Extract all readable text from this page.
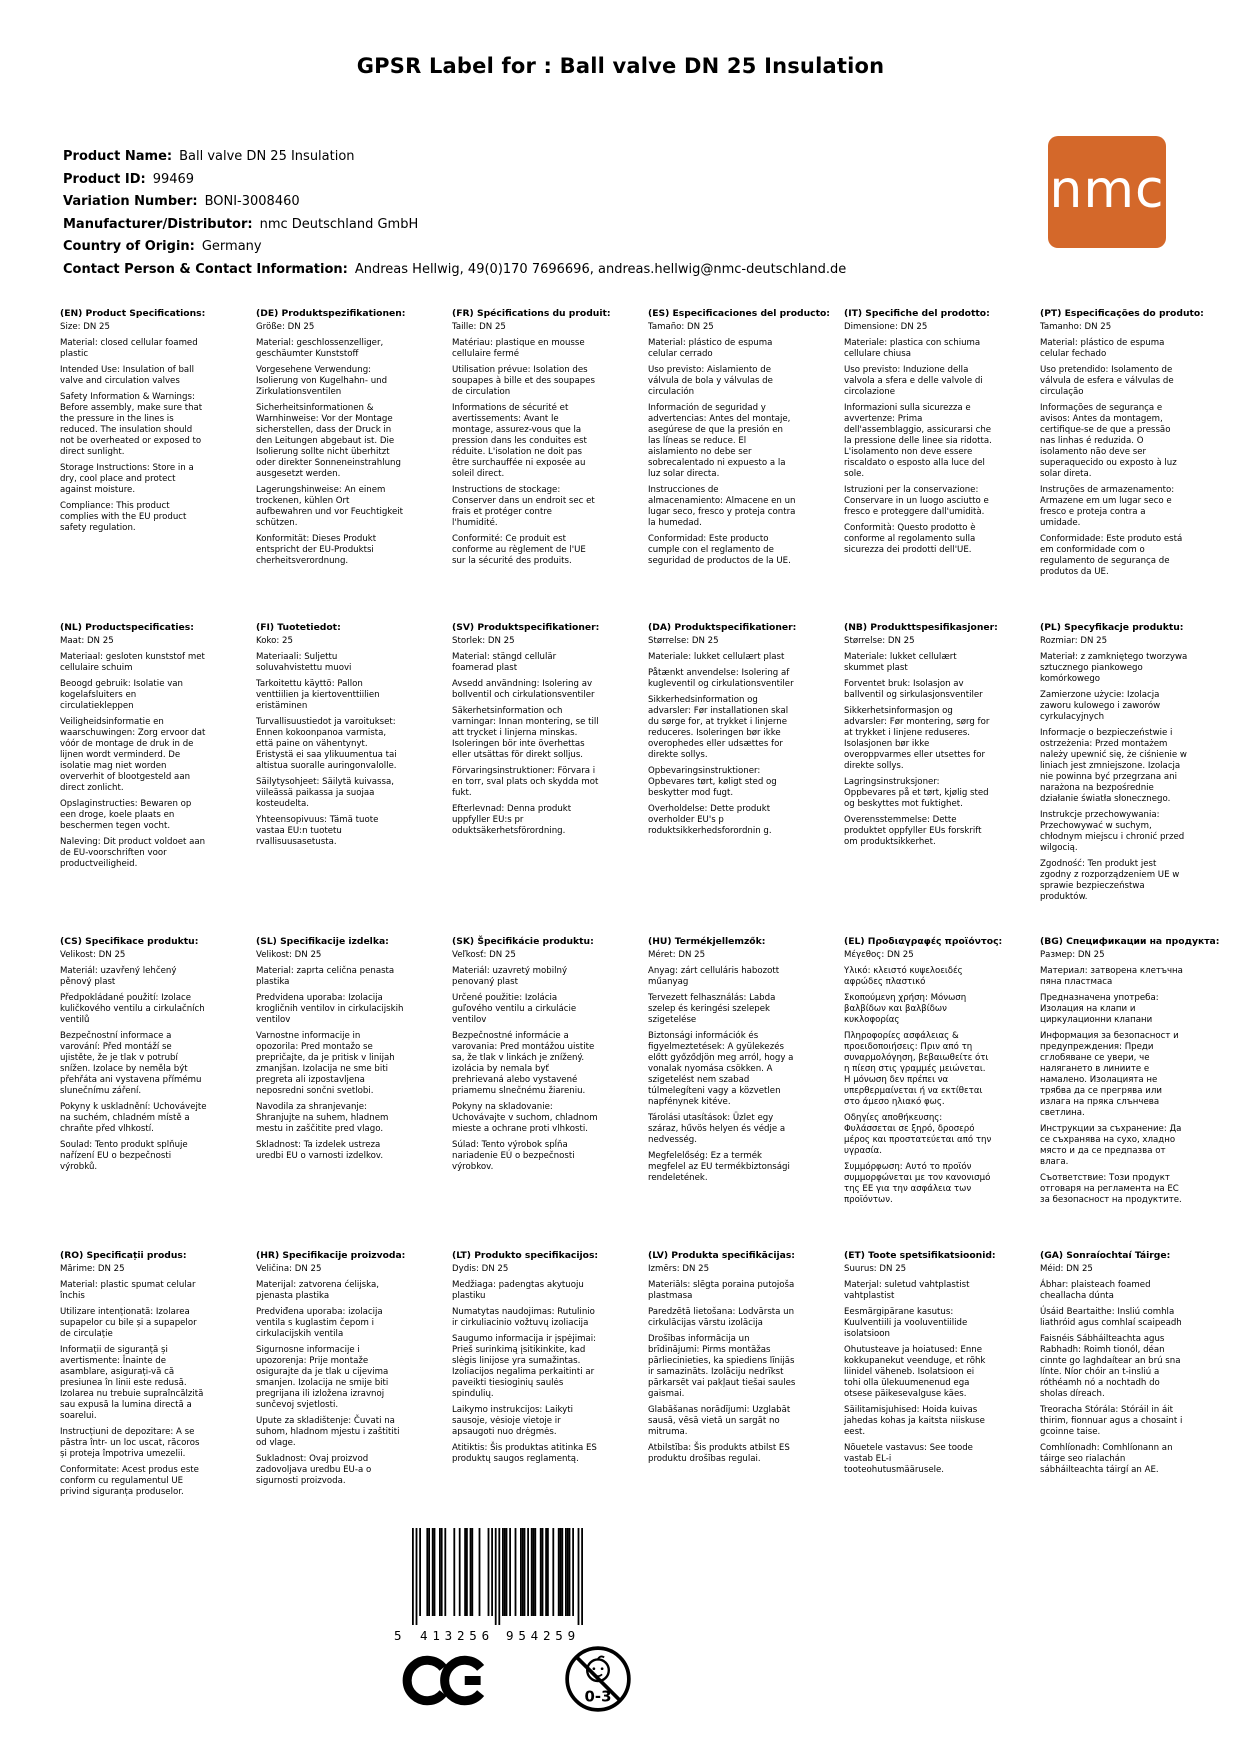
GPSR Label for : Ball valve DN 25 Insulation
Product Name: Ball valve DN 25 Insulation
Product ID: 99469
Variation Number: BONI-3008460
Manufacturer/Distributor: nmc Deutschland GmbH
Country of Origin: Germany
Contact Person & Contact Information: Andreas Hellwig, 49(0)170 7696696, andreas.hellwig@nmc-deutschland.de
nmc
(EN) Product Specifications:

Size: DN 25

Material: closed cellular foamed plastic

Intended Use: Insulation of ball valve and circulation valves

Safety Information & Warnings: Before assembly, make sure that the pressure in the lines is reduced. The insulation should not be overheated or exposed to direct sunlight.

Storage Instructions: Store in a dry, cool place and protect against moisture.

Compliance: This product complies with the EU product safety regulation.

(DE) Produktspezifikationen:

Größe: DN 25

Material: geschlossenzelliger, geschäumter Kunststoff

Vorgesehene Verwendung: Isolierung von Kugelhahn- und Zirkulationsventilen

Sicherheitsinformationen & Warnhinweise: Vor der Montage sicherstellen, dass der Druck in den Leitungen abgebaut ist. Die Isolierung sollte nicht überhitzt oder direkter Sonneneinstrahlung ausgesetzt werden.

Lagerungshinweise: An einem trockenen, kühlen Ort aufbewahren und vor Feuchtigkeit schützen.

Konformität: Dieses Produkt entspricht der EU-Produktsi cherheitsverordnung.

(FR) Spécifications du produit:

Taille: DN 25

Matériau: plastique en mousse cellulaire fermé

Utilisation prévue: Isolation des soupapes à bille et des soupapes de circulation

Informations de sécurité et avertissements: Avant le montage, assurez-vous que la pression dans les conduites est réduite. L'isolation ne doit pas être surchauffée ni exposée au soleil direct.

Instructions de stockage: Conserver dans un endroit sec et frais et protéger contre l'humidité.

Conformité: Ce produit est conforme au règlement de l'UE sur la sécurité des produits.

(ES) Especificaciones del producto:

Tamaño: DN 25

Material: plástico de espuma celular cerrado

Uso previsto: Aislamiento de válvula de bola y válvulas de circulación

Información de seguridad y advertencias: Antes del montaje, asegúrese de que la presión en las líneas se reduce. El aislamiento no debe ser sobrecalentado ni expuesto a la luz solar directa.

Instrucciones de almacenamiento: Almacene en un lugar seco, fresco y proteja contra la humedad.

Conformidad: Este producto cumple con el reglamento de seguridad de productos de la UE.

(IT) Specifiche del prodotto:

Dimensione: DN 25

Materiale: plastica con schiuma cellulare chiusa

Uso previsto: Induzione della valvola a sfera e delle valvole di circolazione

Informazioni sulla sicurezza e avvertenze: Prima dell'assemblaggio, assicurarsi che la pressione delle linee sia ridotta. L'isolamento non deve essere riscaldato o esposto alla luce del sole.

Istruzioni per la conservazione: Conservare in un luogo asciutto e fresco e proteggere dall'umidità.

Conformità: Questo prodotto è conforme al regolamento sulla sicurezza dei prodotti dell'UE.

(PT) Especificações do produto:

Tamanho: DN 25

Material: plástico de espuma celular fechado

Uso pretendido: Isolamento de válvula de esfera e válvulas de circulação

Informações de segurança e avisos: Antes da montagem, certifique-se de que a pressão nas linhas é reduzida. O isolamento não deve ser superaquecido ou exposto à luz solar direta.

Instruções de armazenamento: Armazene em um lugar seco e fresco e proteja contra a umidade.

Conformidade: Este produto está em conformidade com o regulamento de segurança de produtos da UE.

(NL) Productspecificaties:

Maat: DN 25

Materiaal: gesloten kunststof met cellulaire schuim

Beoogd gebruik: Isolatie van kogelafsluiters en circulatiekleppen

Veiligheidsinformatie en waarschuwingen: Zorg ervoor dat vóór de montage de druk in de lijnen wordt verminderd. De isolatie mag niet worden oververhit of blootgesteld aan direct zonlicht.

Opslaginstructies: Bewaren op een droge, koele plaats en beschermen tegen vocht.

Naleving: Dit product voldoet aan de EU-voorschriften voor productveiligheid.

(FI) Tuotetiedot:

Koko: 25

Materiaali: Suljettu soluvahvistettu muovi

Tarkoitettu käyttö: Pallon venttiilien ja kiertoventtiilien eristäminen

Turvallisuustiedot ja varoitukset: Ennen kokoonpanoa varmista, että paine on vähentynyt. Eristystä ei saa ylikuumentua tai altistua suoralle auringonvalolle.

Säilytysohjeet: Säilytä kuivassa, viileässä paikassa ja suojaa kosteudelta.

Yhteensopivuus: Tämä tuote vastaa EU:n tuotetu rvallisuusasetusta.

(SV) Produktspecifikationer:

Storlek: DN 25

Material: stängd cellulär foamerad plast

Avsedd användning: Isolering av bollventil och cirkulationsventiler

Säkerhetsinformation och varningar: Innan montering, se till att trycket i linjerna minskas. Isoleringen bör inte överhettas eller utsättas för direkt solljus.

Förvaringsinstruktioner: Förvara i en torr, sval plats och skydda mot fukt.

Efterlevnad: Denna produkt uppfyller EU:s pr oduktsäkerhetsförordning.

(DA) Produktspecifikationer:

Størrelse: DN 25

Materiale: lukket cellulært plast

Påtænkt anvendelse: Isolering af kugleventil og cirkulationsventiler

Sikkerhedsinformation og advarsler: Før installationen skal du sørge for, at trykket i linjerne reduceres. Isoleringen bør ikke overophedes eller udsættes for direkte sollys.

Opbevaringsinstruktioner: Opbevares tørt, køligt sted og beskytter mod fugt.

Overholdelse: Dette produkt overholder EU's p roduktsikkerhedsforordnin g.

(NB) Produkttspesifikasjoner:

Størrelse: DN 25

Materiale: lukket cellulært skummet plast

Forventet bruk: Isolasjon av ballventil og sirkulasjonsventiler

Sikkerhetsinformasjon og advarsler: Før montering, sørg for at trykket i linjene reduseres. Isolasjonen bør ikke overoppvarmes eller utsettes for direkte sollys.

Lagringsinstruksjoner: Oppbevares på et tørt, kjølig sted og beskyttes mot fuktighet.

Overensstemmelse: Dette produktet oppfyller EUs forskrift om produktsikkerhet.

(PL) Specyfikacje produktu:

Rozmiar: DN 25

Materiał: z zamkniętego tworzywa sztucznego piankowego komórkowego

Zamierzone użycie: Izolacja zaworu kulowego i zaworów cyrkulacyjnych

Informacje o bezpieczeństwie i ostrzeżenia: Przed montażem należy upewnić się, że ciśnienie w liniach jest zmniejszone. Izolacja nie powinna być przegrzana ani narażona na bezpośrednie działanie światła słonecznego.

Instrukcje przechowywania: Przechowywać w suchym, chłodnym miejscu i chronić przed wilgocią.

Zgodność: Ten produkt jest zgodny z rozporządzeniem UE w sprawie bezpieczeństwa produktów.

(CS) Specifikace produktu:

Velikost: DN 25

Materiál: uzavřený lehčený pěnový plast

Předpokládané použití: Izolace kuličkového ventilu a cirkulačních ventilů

Bezpečnostní informace a varování: Před montáží se ujistěte, že je tlak v potrubí snížen. Izolace by neměla být přehřáta ani vystavena přímému slunečnímu záření.

Pokyny k uskladnění: Uchovávejte na suchém, chladném místě a chraňte před vlhkostí.

Soulad: Tento produkt splňuje nařízení EU o bezpečnosti výrobků.

(SL) Specifikacije izdelka:

Velikost: DN 25

Material: zaprta celična penasta plastika

Predvidena uporaba: Izolacija krogličnih ventilov in cirkulacijskih ventilov

Varnostne informacije in opozorila: Pred montažo se prepričajte, da je pritisk v linijah zmanjšan. Izolacija ne sme biti pregreta ali izpostavljena neposredni sončni svetlobi.

Navodila za shranjevanje: Shranjujte na suhem, hladnem mestu in zaščitite pred vlago.

Skladnost: Ta izdelek ustreza uredbi EU o varnosti izdelkov.

(SK) Špecifikácie produktu:

Veľkosť: DN 25

Materiál: uzavretý mobilný penovaný plast

Určené použitie: Izolácia guľového ventilu a cirkulácie ventilov

Bezpečnostné informácie a varovania: Pred montážou uistite sa, že tlak v linkách je znížený. izolácia by nemala byť prehrievaná alebo vystavené priamemu slnečnému žiareniu.

Pokyny na skladovanie: Uchovávajte v suchom, chladnom mieste a ochrane proti vlhkosti.

Súlad: Tento výrobok spĺňa nariadenie EÚ o bezpečnosti výrobkov.

(HU) Termékjellemzők:

Méret: DN 25

Anyag: zárt celluláris habozott műanyag

Tervezett felhasználás: Labda szelep és keringési szelepek szigetelése

Biztonsági információk és figyelmeztetések: A gyülekezés előtt győződjön meg arról, hogy a vonalak nyomása csökken. A szigetelést nem szabad túlmelegíteni vagy a közvetlen napfénynek kitéve.

Tárolási utasítások: Üzlet egy száraz, hűvös helyen és védje a nedvesség.

Megfelelőség: Ez a termék megfelel az EU termékbiztonsági rendeletének.

(EL) Προδιαγραφές προϊόντος:

Μέγεθος: DN 25

Υλικό: κλειστό κυψελοειδές αφρώδες πλαστικό

Σκοπούμενη χρήση: Μόνωση βαλβίδων και βαλβίδων κυκλοφορίας

Πληροφορίες ασφάλειας & προειδοποιήσεις: Πριν από τη συναρμολόγηση, βεβαιωθείτε ότι η πίεση στις γραμμές μειώνεται. Η μόνωση δεν πρέπει να υπερθερμαίνεται ή να εκτίθεται στο άμεσο ηλιακό φως.

Οδηγίες αποθήκευσης: Φυλάσσεται σε ξηρό, δροσερό μέρος και προστατεύεται από την υγρασία.

Συμμόρφωση: Αυτό το προϊόν συμμορφώνεται με τον κανονισμό της ΕΕ για την ασφάλεια των προϊόντων.

(BG) Спецификации на продукта:

Размер: DN 25

Материал: затворена клетъчна пяна пластмаса

Предназначена употреба: Изолация на клапи и циркулационни клапани

Информация за безопасност и предупреждения: Преди сглобяване се увери, че налягането в линиите е намалено. Изолацията не трябва да се прегрява или излага на пряка слънчева светлина.

Инструкции за съхранение: Да се съхранява на сухо, хладно място и да се предпазва от влага.

Съответствие: Този продукт отговаря на регламента на ЕС за безопасност на продуктите.

(RO) Specificații produs:

Mărime: DN 25

Material: plastic spumat celular închis

Utilizare intenționată: Izolarea supapelor cu bile și a supapelor de circulație

Informații de siguranță și avertismente: Înainte de asamblare, asigurați-vă că presiunea în linii este redusă. Izolarea nu trebuie supraîncălzită sau expusă la lumina directă a soarelui.

Instrucțiuni de depozitare: A se păstra într- un loc uscat, răcoros și proteja împotriva umezelii.

Conformitate: Acest produs este conform cu regulamentul UE privind siguranța produselor.

(HR) Specifikacije proizvoda:

Veličina: DN 25

Materijal: zatvorena ćelijska, pjenasta plastika

Predviđena uporaba: izolacija ventila s kuglastim čepom i cirkulacijskih ventila

Sigurnosne informacije i upozorenja: Prije montaže osigurajte da je tlak u cijevima smanjen. Izolacija ne smije biti pregrijana ili izložena izravnoj sunčevoj svjetlosti.

Upute za skladištenje: Čuvati na suhom, hladnom mjestu i zaštititi od vlage.

Sukladnost: Ovaj proizvod zadovoljava uredbu EU-a o sigurnosti proizvoda.

(LT) Produkto specifikacijos:

Dydis: DN 25

Medžiaga: padengtas akytuoju plastiku

Numatytas naudojimas: Rutulinio ir cirkuliacinio vožtuvų izoliacija

Saugumo informacija ir įspėjimai: Prieš surinkimą įsitikinkite, kad slėgis linijose yra sumažintas. Izoliacijos negalima perkaitinti ar paveikti tiesioginių saulės spindulių.

Laikymo instrukcijos: Laikyti sausoje, vėsioje vietoje ir apsaugoti nuo drėgmės.

Atitiktis: Šis produktas atitinka ES produktų saugos reglamentą.

(LV) Produkta specifikācijas:

Izmērs: DN 25

Materiāls: slēgta poraina putojoša plastmasa

Paredzētā lietošana: Lodvārsta un cirkulācijas vārstu izolācija

Drošības informācija un brīdinājumi: Pirms montāžas pārliecinieties, ka spiediens līnijās ir samazināts. Izolāciju nedrīkst pārkarsēt vai pakļaut tiešai saules gaismai.

Glabāšanas norādījumi: Uzglabāt sausā, vēsā vietā un sargāt no mitruma.

Atbilstība: Šis produkts atbilst ES produktu drošības regulai.

(ET) Toote spetsifikatsioonid:

Suurus: DN 25

Materjal: suletud vahtplastist vahtplastist

Eesmärgipärane kasutus: Kuulventiili ja vooluventiilide isolatsioon

Ohutusteave ja hoiatused: Enne kokkupanekut veenduge, et rõhk liinidel väheneb. Isolatsioon ei tohi olla ülekuumenenud ega otsese päikesevalguse käes.

Säilitamisjuhised: Hoida kuivas jahedas kohas ja kaitsta niiskuse eest.

Nõuetele vastavus: See toode vastab EL-i tooteohutusmäärusele.

(GA) Sonraíochtaí Táirge:

Méid: DN 25

Ábhar: plaisteach foamed cheallacha dúnta

Úsáid Beartaithe: Insliú comhla liathróid agus comhlaí scaipeadh

Faisnéis Sábháilteachta agus Rabhadh: Roimh tionól, déan cinnte go laghdaítear an brú sna línte. Níor chóir an t-insliú a róthéamh nó a nochtadh do sholas díreach.

Treoracha Stórála: Stóráil in áit thirim, fionnuar agus a chosaint i gcoinne taise.

Comhlíonadh: Comhlíonann an táirge seo rialachán sábháilteachta táirgí an AE.

5 413256 954259
0-3
